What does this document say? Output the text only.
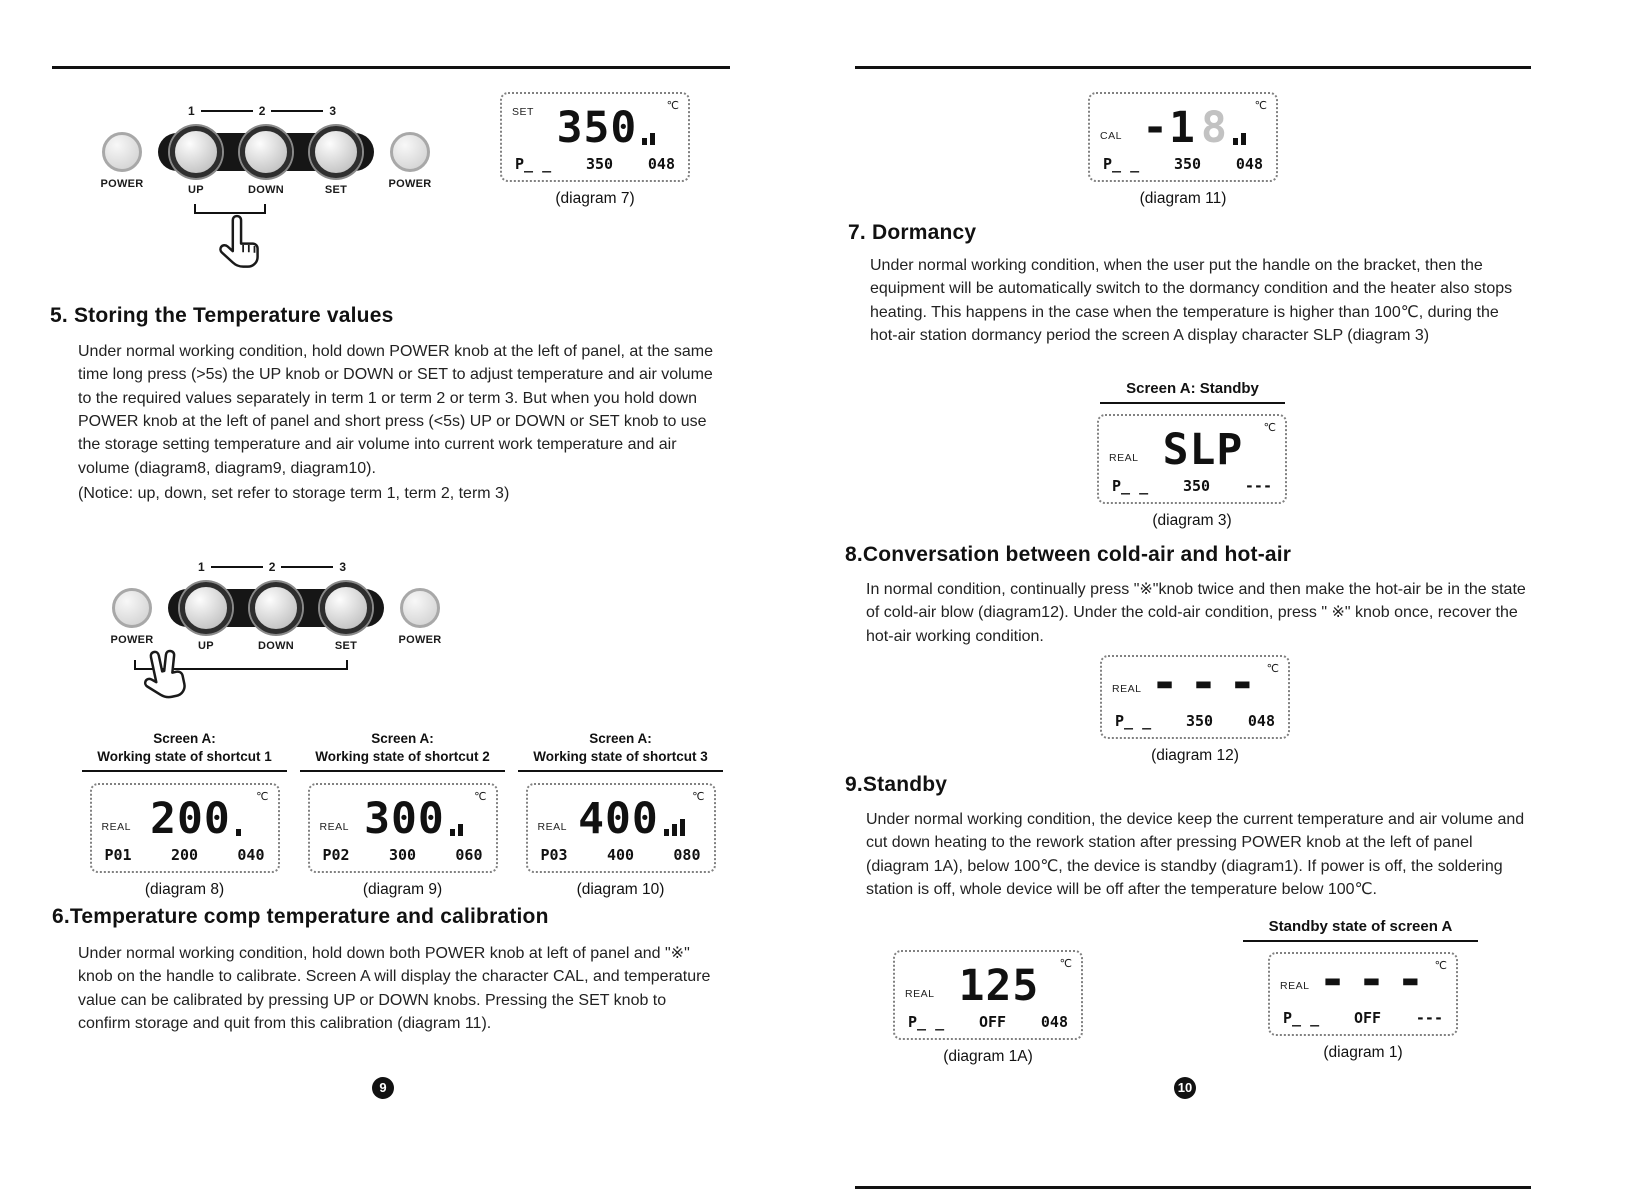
1	2	3
POWER	UP	DOWN	SET	POWER
SET	℃
350
P_ _ 350 048
(diagram 7)
5. Storing the Temperature values

Under normal working condition, hold down POWER knob at the left of panel, at the same time long press (>5s) the UP knob or DOWN or SET to adjust temperature and air volume to the required values separately in term 1 or term 2 or term 3. But when you hold down POWER knob at the left of panel and short press (<5s) UP or DOWN or SET knob to use the storage setting temperature and air volume into current work temperature and air volume (diagram8, diagram9, diagram10).

(Notice: up, down, set refer to storage term 1, term 2, term 3)

1	2	3
POWER	UP	DOWN	SET	POWER
Screen A:
Working state of shortcut 1
REAL
℃
200
P01	200	040
(diagram 8)
Screen A:
Working state of shortcut 2
REAL
℃
300
P02	300	060
(diagram 9)
Screen A:
Working state of shortcut 3
REAL
℃
400
P03	400	080
(diagram 10)
6.Temperature comp temperature and calibration

Under normal working condition, hold down both POWER knob at left of panel and "※" knob on the handle to calibrate. Screen A will display the character CAL, and temperature value can be calibrated by pressing UP or DOWN knobs. Pressing the SET knob to confirm storage and quit from this calibration (diagram 11).

9
CAL
℃
-1 8
P_ _ 350 048
(diagram 11)
7. Dormancy

Under normal working condition, when the user put the handle on the bracket, then the equipment will be automatically switch to the dormancy condition and the heater also stops heating. This happens in the case when the temperature is higher than 100℃, during the hot-air station dormancy period the screen A display character SLP (diagram 3)

Screen A: Standby
REAL
℃
SLP
P_ _ 350 ---
(diagram 3)
8.Conversation between cold-air and hot-air

In normal condition, continually press "※"knob twice and then make the hot-air be in the state of cold-air blow (diagram12). Under the cold-air condition, press " ※" knob once, recover the hot-air working condition.

REAL
℃
▬ ▬ ▬
P_ _ 350 048
(diagram 12)
9.Standby

Under normal working condition, the device keep the current temperature and air volume and cut down heating to the rework station after pressing POWER knob at the left of panel (diagram 1A), below 100℃, the device is standby (diagram1). If power is off, the soldering station is off, whole device will be off after the temperature below 100℃.

REAL
℃
125
P_ _ OFF 048
(diagram 1A)
Standby state of screen A
REAL
℃
▬ ▬ ▬
P_ _ OFF ---
(diagram 1)
10
